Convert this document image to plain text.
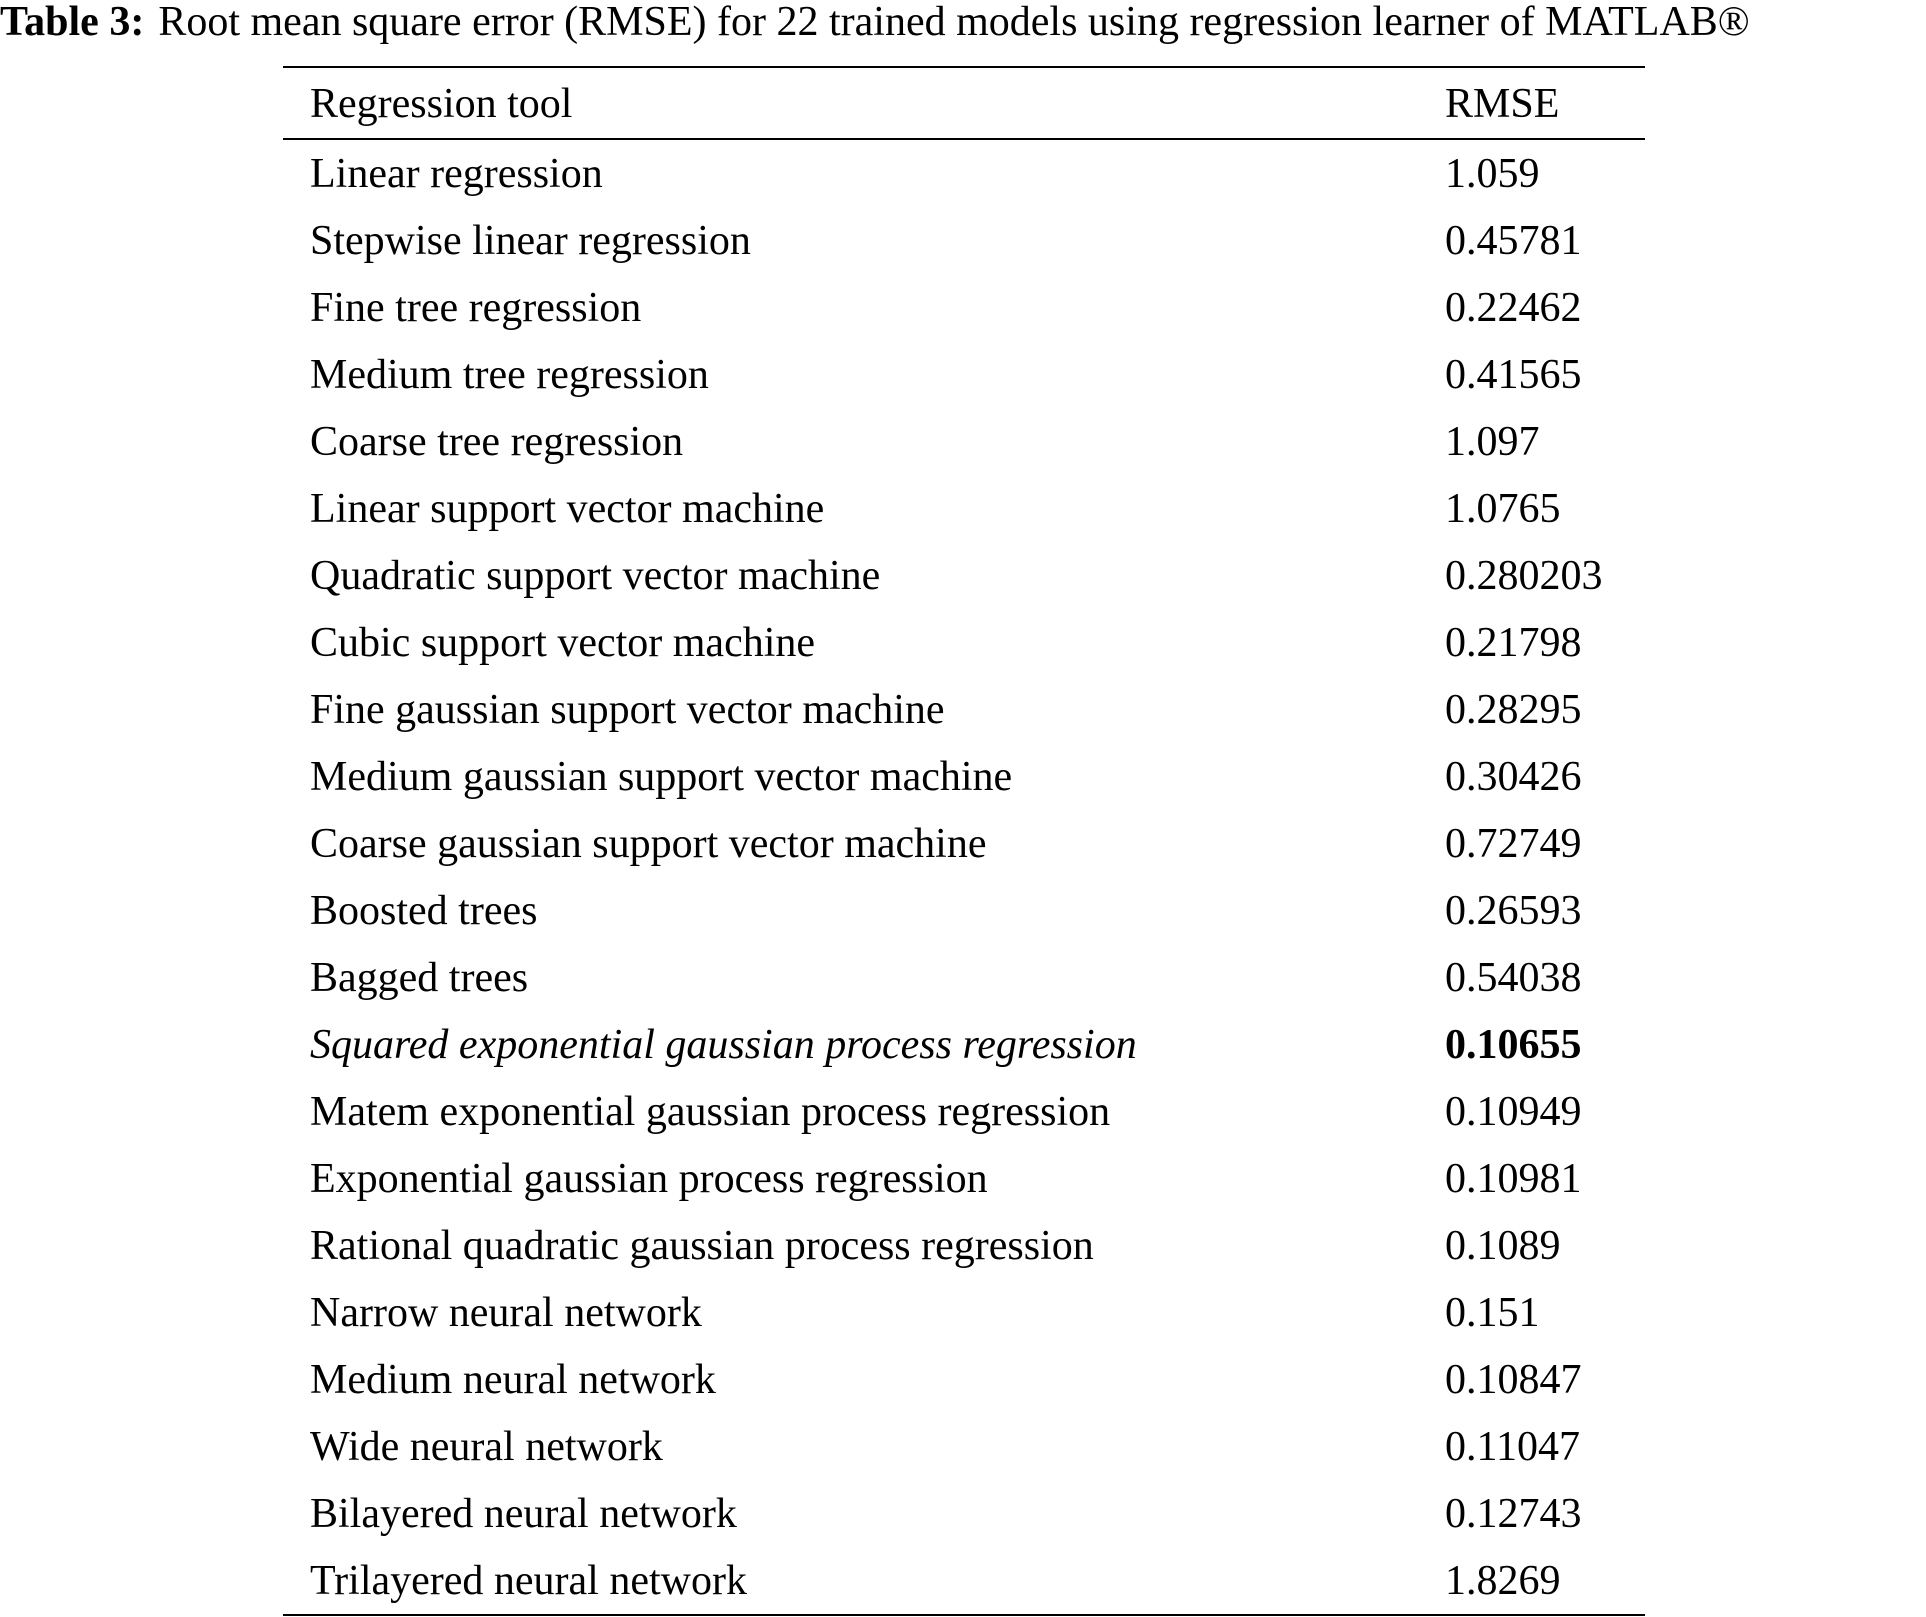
Table 3: Root mean square error (RMSE) for 22 trained models using regression learner of MATLAB®
Regression tool	RMSE
Linear regression	1.059
Stepwise linear regression	0.45781
Fine tree regression	0.22462
Medium tree regression	0.41565
Coarse tree regression	1.097
Linear support vector machine	1.0765
Quadratic support vector machine	0.280203
Cubic support vector machine	0.21798
Fine gaussian support vector machine	0.28295
Medium gaussian support vector machine	0.30426
Coarse gaussian support vector machine	0.72749
Boosted trees	0.26593
Bagged trees	0.54038
Squared exponential gaussian process regression	0.10655
Matem exponential gaussian process regression	0.10949
Exponential gaussian process regression	0.10981
Rational quadratic gaussian process regression	0.1089
Narrow neural network	0.151
Medium neural network	0.10847
Wide neural network	0.11047
Bilayered neural network	0.12743
Trilayered neural network	1.8269
